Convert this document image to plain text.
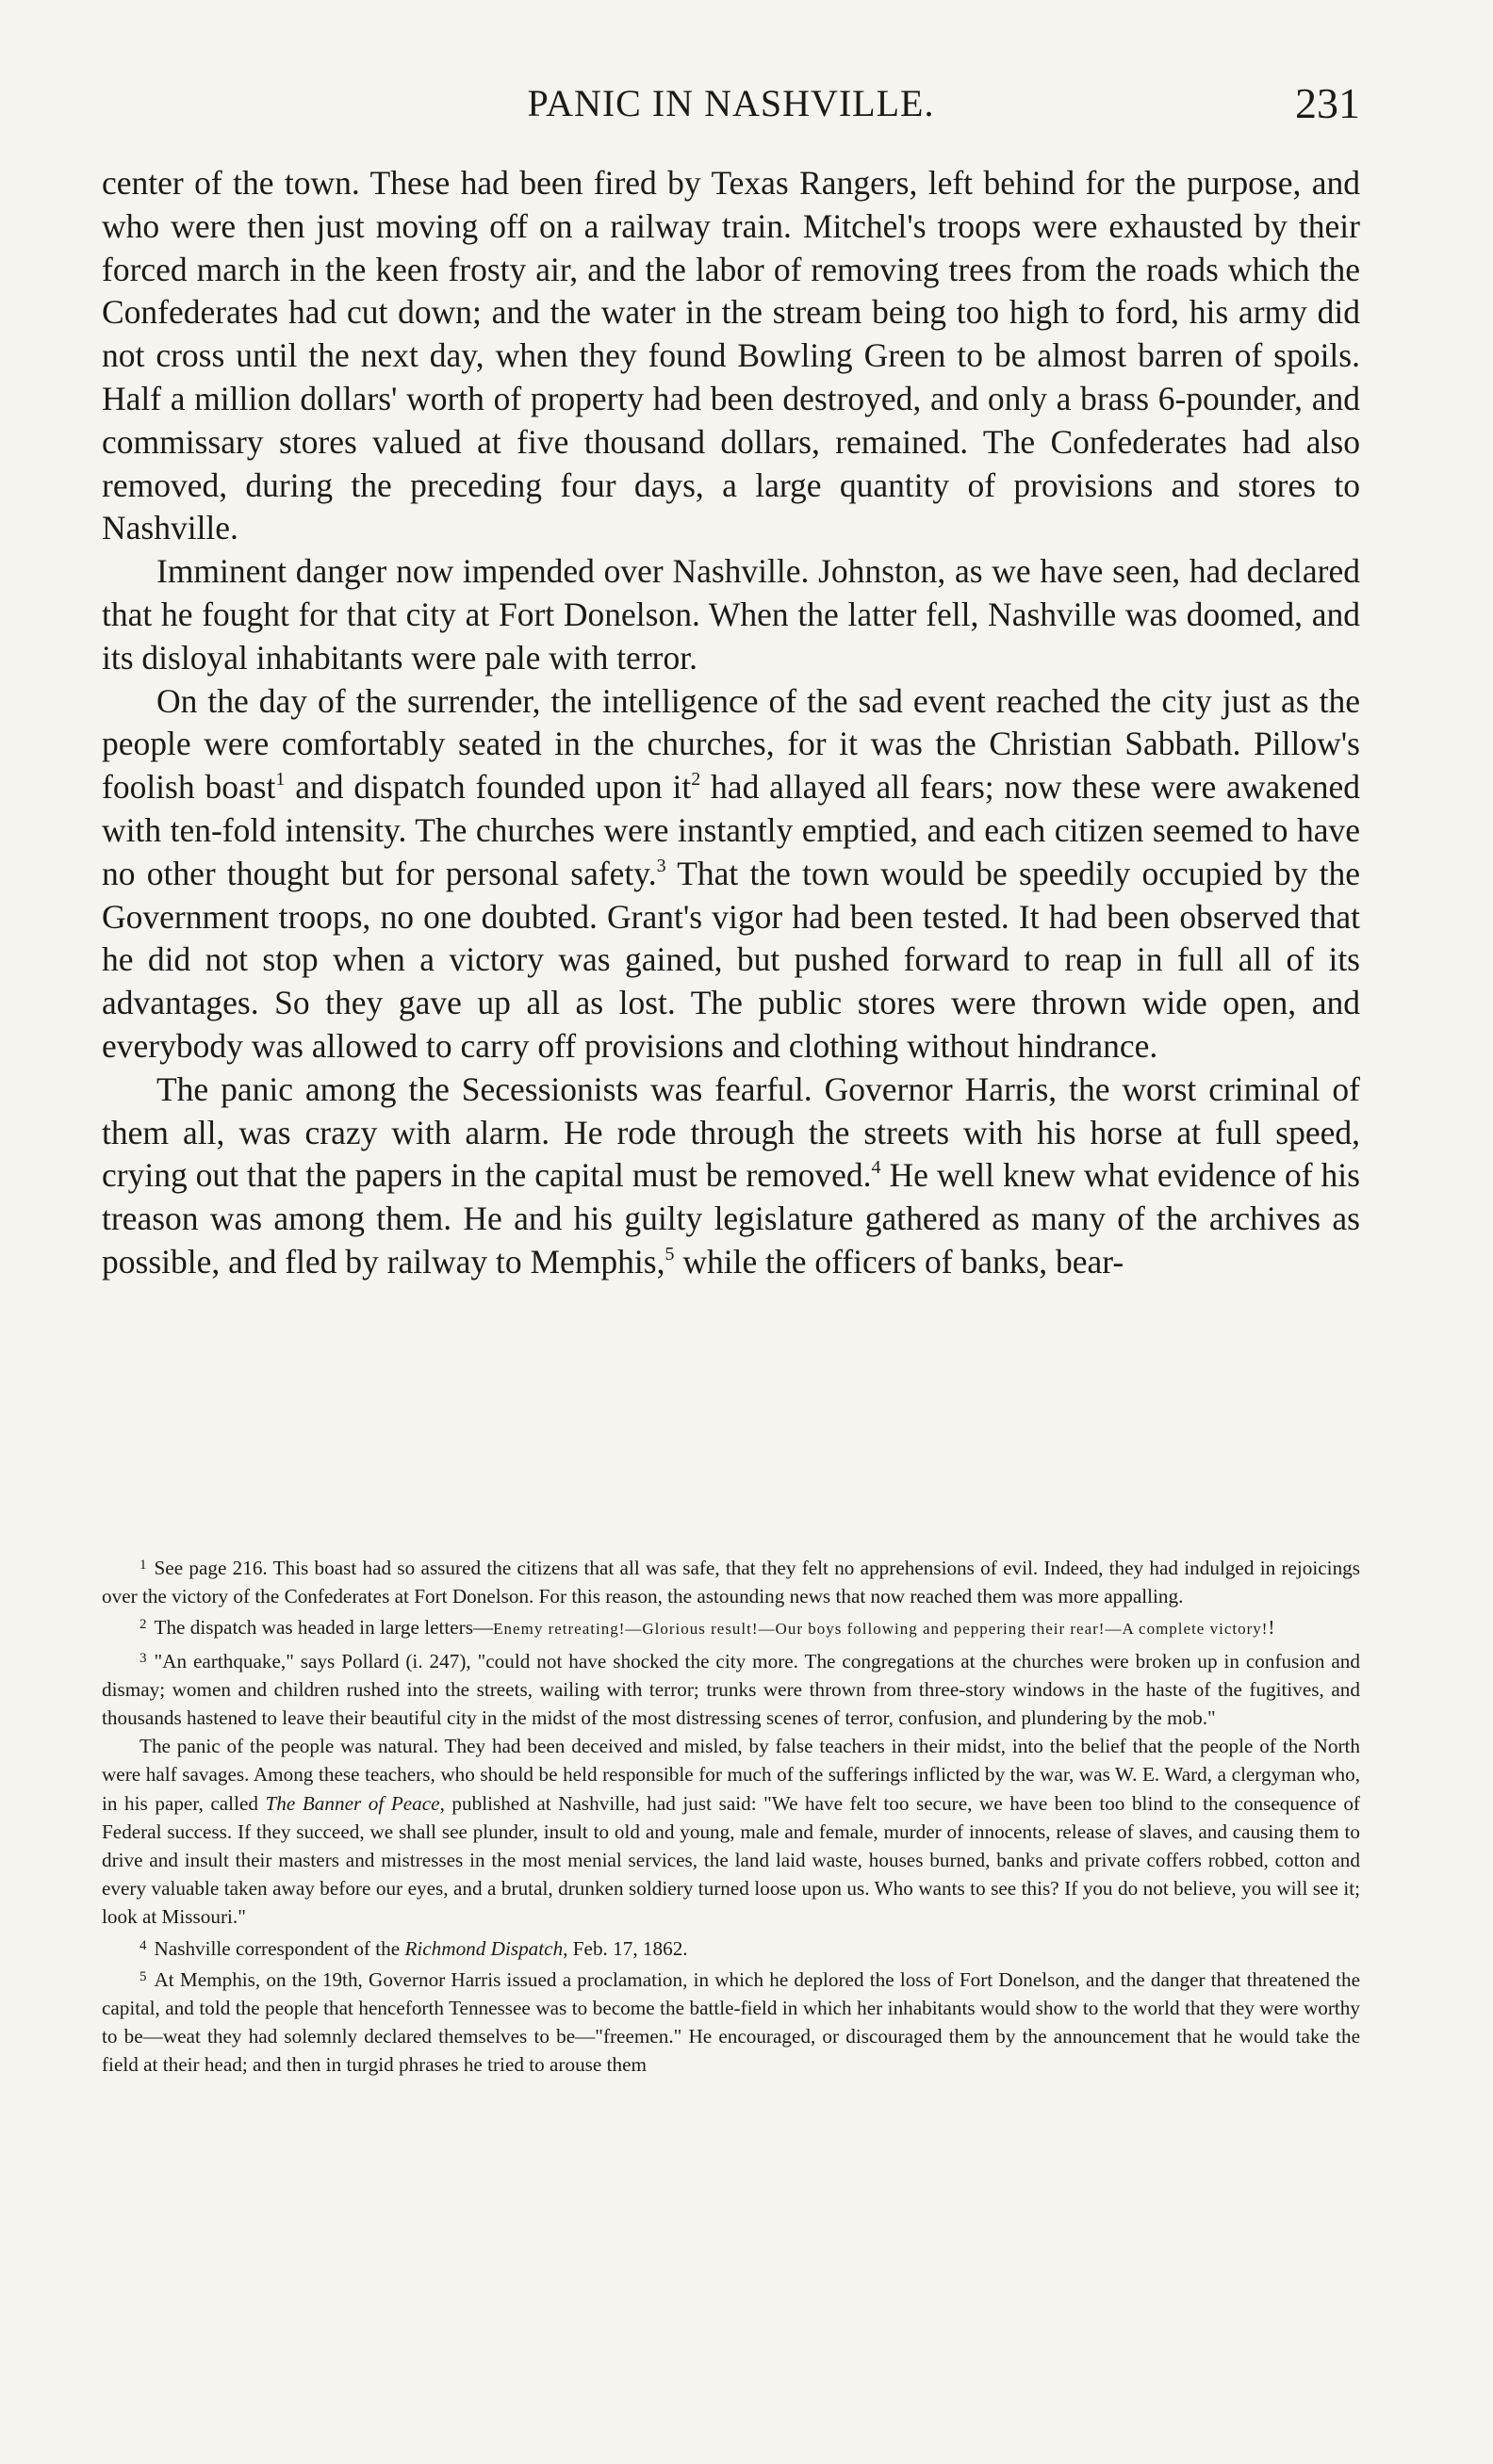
PANIC IN NASHVILLE.	231

center of the town. These had been fired by Texas Rangers, left behind for the purpose, and who were then just moving off on a railway train. Mitchel's troops were exhausted by their forced march in the keen frosty air, and the labor of removing trees from the roads which the Confederates had cut down; and the water in the stream being too high to ford, his army did not cross until the next day, when they found Bowling Green to be almost barren of spoils. Half a million dollars' worth of property had been destroyed, and only a brass 6-pounder, and commissary stores valued at five thousand dollars, remained. The Confederates had also removed, during the preceding four days, a large quantity of provisions and stores to Nashville.

Imminent danger now impended over Nashville. Johnston, as we have seen, had declared that he fought for that city at Fort Donelson. When the latter fell, Nashville was doomed, and its disloyal inhabitants were pale with terror.

On the day of the surrender, the intelligence of the sad event reached the city just as the people were comfortably seated in the churches, for it was the Christian Sabbath. Pillow's foolish boast$^1$ and dispatch founded upon $it^2$ had allayed all fears; now these were awakened with ten-fold intensity. The churches were instantly emptied, and each citizen seemed to have no other thought but for personal safety.$^3$ That the town would be speedily occupied by the Government troops, no one doubted. Grant's vigor had been tested. It had been observed that he did not stop when a victory was gained, but pushed forward to reap in full all of its advantages. So they gave up all as lost. The public stores were thrown wide open, and everybody was allowed to carry off provisions and clothing without hindrance.

The panic among the Secessionists was fearful. Governor Harris, the worst criminal of them all, was crazy with alarm. He rode through the streets with his horse at full speed, crying out that the papers in the capital must be removed.$^4$ He well knew what evidence of his treason was among them. He and his guilty legislature gathered as many of the archives as possible, and fled by railway to Memphis,$^5$ while the officers of banks, bear-

$^1$ See page 216. This boast had so assured the citizens that all was safe, that they felt no apprehensions of evil. Indeed, they had indulged in rejoicings over the victory of the Confederates at Fort Donelson. For this reason, the astounding news that now reached them was more appalling.

$^2$ The dispatch was headed in large letters—Enemy retreating!—Glorious result!—Our boys following and peppering their rear!—A complete victory!!

$^3$ "An earthquake," says Pollard (i. 247), "could not have shocked the city more. The congregations at the churches were broken up in confusion and dismay; women and children rushed into the streets, wailing with terror; trunks were thrown from three-story windows in the haste of the fugitives, and thousands hastened to leave their beautiful city in the midst of the most distressing scenes of terror, confusion, and plundering by the mob."

The panic of the people was natural. They had been deceived and misled, by false teachers in their midst, into the belief that the people of the North were half savages. Among these teachers, who should be held responsible for much of the sufferings inflicted by the war, was W. E. Ward, a clergyman who, in his paper, called The Banner of Peace, published at Nashville, had just said: "We have felt too secure, we have been too blind to the consequence of Federal success. If they succeed, we shall see plunder, insult to old and young, male and female, murder of innocents, release of slaves, and causing them to drive and insult their masters and mistresses in the most menial services, the land laid waste, houses burned, banks and private coffers robbed, cotton and every valuable taken away before our eyes, and a brutal, drunken soldiery turned loose upon us. Who wants to see this? If you do not believe, you will see it; look at Missouri."

$^4$ Nashville correspondent of the Richmond Dispatch, Feb. 17, 1862.

$^5$ At Memphis, on the 19th, Governor Harris issued a proclamation, in which he deplored the loss of Fort Donelson, and the danger that threatened the capital, and told the people that henceforth Tennessee was to become the battle-field in which her inhabitants would show to the world that they were worthy to be—weat they had solemnly declared themselves to be—"freemen." He encouraged, or discouraged them by the announcement that he would take the field at their head; and then in turgid phrases he tried to arouse them
